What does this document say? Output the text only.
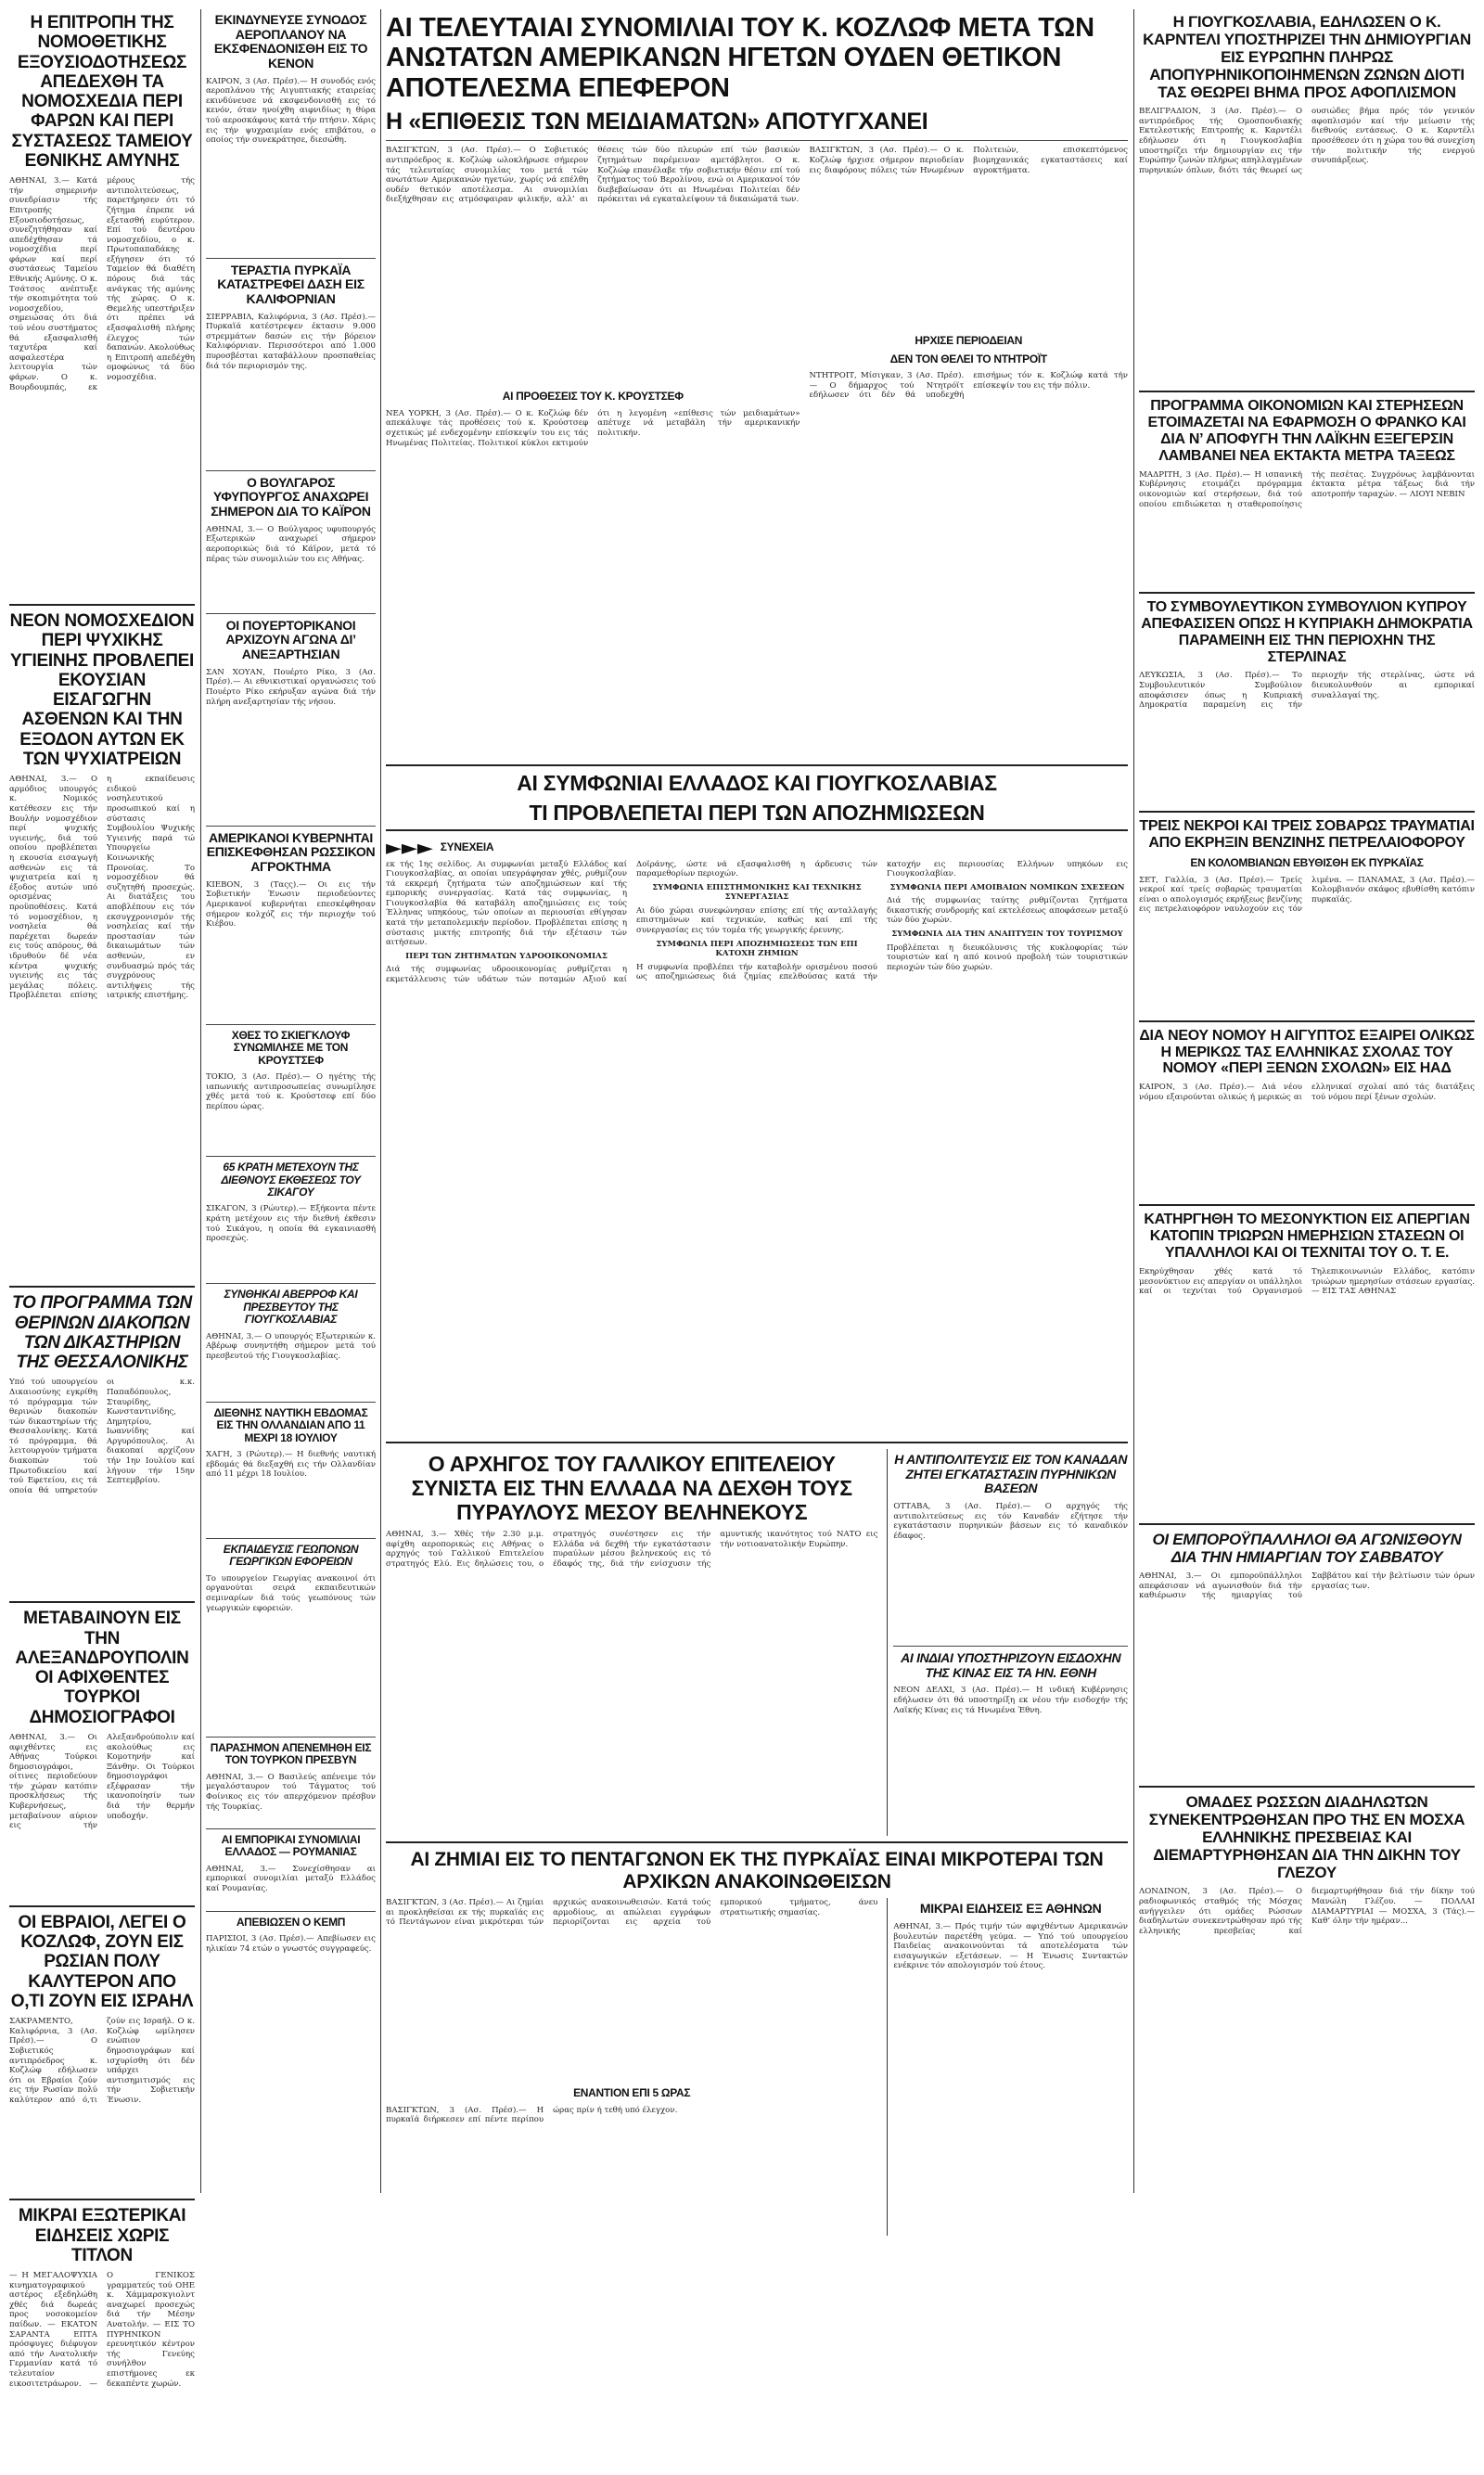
Η ΕΠΙΤΡΟΠΗ ΤΗΣ ΝΟΜΟΘΕΤΙΚΗΣ ΕΞΟΥΣΙΟΔΟΤΗΣΕΩΣ ΑΠΕΔΕΧΘΗ ΤΑ ΝΟΜΟΣΧΕΔΙΑ ΠΕΡΙ ΦΑΡΩΝ ΚΑΙ ΠΕΡΙ ΣΥΣΤΑΣΕΩΣ ΤΑΜΕΙΟΥ ΕΘΝΙΚΗΣ ΑΜΥΝΗΣ
ΑΘΗΝΑΙ, 3.— Κατά τήν σημερινήν συνεδρίασιν τής Επιτροπής Εξουσιοδοτήσεως, συνεζητήθησαν καί απεδέχθησαν τά νομοσχέδια περί φάρων καί περί συστάσεως Ταμείου Εθνικής Αμύνης. Ο κ. Τσάτσος ανέπτυξε τήν σκοπιμότητα τού νομοσχεδίου, σημειώσας ότι διά τού νέου συστήματος θά εξασφαλισθή ταχυτέρα καί ασφαλεστέρα λειτουργία τών φάρων. Ο κ. Βουρδουμπάς, εκ μέρους τής αντιπολιτεύσεως, παρετήρησεν ότι τό ζήτημα έπρεπε νά εξετασθή ευρύτερον. Επί τού δευτέρου νομοσχεδίου, ο κ. Πρωτοπαπαδάκης εξήγησεν ότι τό Ταμείον θά διαθέτη πόρους διά τάς ανάγκας τής αμύνης τής χώρας. Ο κ. Θεμελής υπεστήριξεν ότι πρέπει νά εξασφαλισθή πλήρης έλεγχος τών δαπανών. Ακολούθως η Επιτροπή απεδέχθη ομοφώνως τά δύο νομοσχέδια.
ΝΕΟΝ ΝΟΜΟΣΧΕΔΙΟΝ ΠΕΡΙ ΨΥΧΙΚΗΣ ΥΓΙΕΙΝΗΣ ΠΡΟΒΛΕΠΕΙ ΕΚΟΥΣΙΑΝ ΕΙΣΑΓΩΓΗΝ ΑΣΘΕΝΩΝ ΚΑΙ ΤΗΝ ΕΞΟΔΟΝ ΑΥΤΩΝ ΕΚ ΤΩΝ ΨΥΧΙΑΤΡΕΙΩΝ
ΑΘΗΝΑΙ, 3.— Ο αρμόδιος υπουργός κ. Νομικός κατέθεσεν εις τήν Βουλήν νομοσχέδιον περί ψυχικής υγιεινής, διά τού οποίου προβλέπεται η εκουσία εισαγωγή ασθενών εις τά ψυχιατρεία καί η έξοδος αυτών υπό ορισμένας προϋποθέσεις. Κατά τό νομοσχέδιον, η νοσηλεία θά παρέχεται δωρεάν εις τούς απόρους, θά ιδρυθούν δέ νέα κέντρα ψυχικής υγιεινής εις τάς μεγάλας πόλεις. Προβλέπεται επίσης η εκπαίδευσις ειδικού νοσηλευτικού προσωπικού καί η σύστασις Συμβουλίου Ψυχικής Υγιεινής παρά τώ Υπουργείω Κοινωνικής Προνοίας. Το νομοσχέδιον θά συζητηθή προσεχώς. Αι διατάξεις του αποβλέπουν εις τόν εκσυγχρονισμόν τής νοσηλείας καί τήν προστασίαν τών δικαιωμάτων τών ασθενών, εν συνδυασμώ πρός τάς συγχρόνους αντιλήψεις τής ιατρικής επιστήμης.
ΤΟ ΠΡΟΓΡΑΜΜΑ ΤΩΝ ΘΕΡΙΝΩΝ ΔΙΑΚΟΠΩΝ ΤΩΝ ΔΙΚΑΣΤΗΡΙΩΝ ΤΗΣ ΘΕΣΣΑΛΟΝΙΚΗΣ
Υπό τού υπουργείου Δικαιοσύνης εγκρίθη τό πρόγραμμα τών θερινών διακοπών τών δικαστηρίων τής Θεσσαλονίκης. Κατά τό πρόγραμμα, θά λειτουργούν τμήματα διακοπών τού Πρωτοδικείου καί τού Εφετείου, εις τά οποία θά υπηρετούν οι κ.κ. Παπαδόπουλος, Σταυρίδης, Κωνσταντινίδης, Δημητρίου, Ιωαννίδης καί Αργυρόπουλος. Αι διακοπαί αρχίζουν τήν 1ην Ιουλίου καί λήγουν τήν 15ην Σεπτεμβρίου.
ΜΕΤΑΒΑΙΝΟΥΝ ΕΙΣ ΤΗΝ ΑΛΕΞΑΝΔΡΟΥΠΟΛΙΝ ΟΙ ΑΦΙΧΘΕΝΤΕΣ ΤΟΥΡΚΟΙ ΔΗΜΟΣΙΟΓΡΑΦΟΙ
ΑΘΗΝΑΙ, 3.— Οι αφιχθέντες εις Αθήνας Τούρκοι δημοσιογράφοι, οίτινες περιοδεύουν τήν χώραν κατόπιν προσκλήσεως τής Κυβερνήσεως, μεταβαίνουν αύριον εις τήν Αλεξανδρούπολιν καί ακολούθως εις Κομοτηνήν καί Ξάνθην. Οι Τούρκοι δημοσιογράφοι εξέφρασαν τήν ικανοποίησίν των διά τήν θερμήν υποδοχήν.
ΟΙ ΕΒΡΑΙΟΙ, ΛΕΓΕΙ Ο ΚΟΖΛΩΦ, ΖΟΥΝ ΕΙΣ ΡΩΣΙΑΝ ΠΟΛΥ ΚΑΛΥΤΕΡΟΝ ΑΠΟ Ο,ΤΙ ΖΟΥΝ ΕΙΣ ΙΣΡΑΗΛ
ΣΑΚΡΑΜΕΝΤΟ, Καλιφόρνια, 3 (Ασ. Πρέσ).— Ο Σοβιετικός αντιπρόεδρος κ. Κοζλώφ εδήλωσεν ότι οι Εβραίοι ζούν εις τήν Ρωσίαν πολύ καλύτερον από ό,τι ζούν εις Ισραήλ. Ο κ. Κοζλώφ ωμίλησεν ενώπιον δημοσιογράφων καί ισχυρίσθη ότι δέν υπάρχει αντισημιτισμός εις τήν Σοβιετικήν Ένωσιν.
ΜΙΚΡΑΙ ΕΞΩΤΕΡΙΚΑΙ ΕΙΔΗΣΕΙΣ ΧΩΡΙΣ ΤΙΤΛΟΝ
— Η ΜΕΓΑΛΟΨΥΧΙΑ κινηματογραφικού αστέρος εξεδηλώθη χθές διά δωρεάς προς νοσοκομείον παίδων. — ΕΚΑΤΟΝ ΣΑΡΑΝΤΑ ΕΠΤΑ πρόσφυγες διέφυγον από τήν Ανατολικήν Γερμανίαν κατά τό τελευταίον εικοσιτετράωρον. — Ο ΓΕΝΙΚΟΣ γραμματεύς τού ΟΗΕ κ. Χάμμαρσκγιολντ αναχωρεί προσεχώς διά τήν Μέσην Ανατολήν. — ΕΙΣ ΤΟ ΠΥΡΗΝΙΚΟΝ ερευνητικόν κέντρον τής Γενεύης συνήλθον επιστήμονες εκ δεκαπέντε χωρών.
ΕΚΙΝΔΥΝΕΥΣΕ ΣΥΝΟΔΟΣ ΑΕΡΟΠΛΑΝΟΥ ΝΑ ΕΚΣΦΕΝΔΟΝΙΣΘΗ ΕΙΣ ΤΟ ΚΕΝΟΝ
ΚΑΪΡΟΝ, 3 (Ασ. Πρέσ).— Η συνοδός ενός αεροπλάνου τής Αιγυπτιακής εταιρείας εκινδύνευσε νά εκσφενδονισθή εις τό κενόν, όταν ηνοίχθη αιφνιδίως η θύρα τού αεροσκάφους κατά τήν πτήσιν. Χάρις εις τήν ψυχραιμίαν ενός επιβάτου, ο οποίος τήν συνεκράτησε, διεσώθη.
ΤΕΡΑΣΤΙΑ ΠΥΡΚΑΪΑ ΚΑΤΑΣΤΡΕΦΕΙ ΔΑΣΗ ΕΙΣ ΚΑΛΙΦΟΡΝΙΑΝ
ΣΙΕΡΡΑΒΙΛ, Καλιφόρνια, 3 (Ασ. Πρέσ).— Πυρκαϊά κατέστρεψεν έκτασιν 9.000 στρεμμάτων δασών εις τήν βόρειον Καλιφόρνιαν. Περισσότεροι από 1.000 πυροσβέσται καταβάλλουν προσπαθείας διά τόν περιορισμόν της.
Ο ΒΟΥΛΓΑΡΟΣ ΥΦΥΠΟΥΡΓΟΣ ΑΝΑΧΩΡΕΙ ΣΗΜΕΡΟΝ ΔΙΑ ΤΟ ΚΑΪΡΟΝ
ΑΘΗΝΑΙ, 3.— Ο Βούλγαρος υφυπουργός Εξωτερικών αναχωρεί σήμερον αεροπορικώς διά τό Κάϊρον, μετά τό πέρας τών συνομιλιών του εις Αθήνας.
ΟΙ ΠΟΥΕΡΤΟΡΙΚΑΝΟΙ ΑΡΧΙΖΟΥΝ ΑΓΩΝΑ ΔΙ’ ΑΝΕΞΑΡΤΗΣΙΑΝ
ΣΑΝ ΧΟΥΑΝ, Πουέρτο Ρίκο, 3 (Ασ. Πρέσ).— Αι εθνικιστικαί οργανώσεις τού Πουέρτο Ρίκο εκήρυξαν αγώνα διά τήν πλήρη ανεξαρτησίαν τής νήσου.
ΑΜΕΡΙΚΑΝΟΙ ΚΥΒΕΡΝΗΤΑΙ ΕΠΙΣΚΕΦΘΗΣΑΝ ΡΩΣΣΙΚΟΝ ΑΓΡΟΚΤΗΜΑ
ΚΙΕΒΟΝ, 3 (Ταςς).— Οι εις τήν Σοβιετικήν Ένωσιν περιοδεύοντες Αμερικανοί κυβερνήται επεσκέφθησαν σήμερον κολχόζ εις τήν περιοχήν τού Κιέβου.
ΧΘΕΣ ΤΟ ΣΚΙΕΓΚΛΟΥΦ ΣΥΝΩΜΙΛΗΣΕ ΜΕ ΤΟΝ ΚΡΟΥΣΤΣΕΦ
ΤΟΚΙΟ, 3 (Ασ. Πρέσ).— Ο ηγέτης τής ιαπωνικής αντιπροσωπείας συνωμίλησε χθές μετά τού κ. Κρούστσεφ επί δύο περίπου ώρας.
65 ΚΡΑΤΗ ΜΕΤΕΧΟΥΝ ΤΗΣ ΔΙΕΘΝΟΥΣ ΕΚΘΕΣΕΩΣ ΤΟΥ ΣΙΚΑΓΟΥ
ΣΙΚΑΓΟΝ, 3 (Ρώυτερ).— Εξήκοντα πέντε κράτη μετέχουν εις τήν διεθνή έκθεσιν τού Σικάγου, η οποία θά εγκαινιασθή προσεχώς.
ΣΥΝΘΗΚΑΙ ΑΒΕΡΡΟΦ ΚΑΙ ΠΡΕΣΒΕΥΤΟΥ ΤΗΣ ΓΙΟΥΓΚΟΣΛΑΒΙΑΣ
ΑΘΗΝΑΙ, 3.— Ο υπουργός Εξωτερικών κ. Αβέρωφ συνηντήθη σήμερον μετά τού πρεσβευτού τής Γιουγκοσλαβίας.
ΔΙΕΘΝΗΣ ΝΑΥΤΙΚΗ ΕΒΔΟΜΑΣ ΕΙΣ ΤΗΝ ΟΛΛΑΝΔΙΑΝ ΑΠΟ 11 ΜΕΧΡΙ 18 ΙΟΥΛΙΟΥ
ΧΑΓΗ, 3 (Ρώυτερ).— Η διεθνής ναυτική εβδομάς θά διεξαχθή εις τήν Ολλανδίαν από 11 μέχρι 18 Ιουλίου.
ΕΚΠΑΙΔΕΥΣΙΣ ΓΕΩΠΟΝΩΝ ΓΕΩΡΓΙΚΩΝ ΕΦΟΡΕΙΩΝ
Το υπουργείον Γεωργίας ανακοινοί ότι οργανούται σειρά εκπαιδευτικών σεμιναρίων διά τούς γεωπόνους τών γεωργικών εφορειών.
ΠΑΡΑΣΗΜΟΝ ΑΠΕΝΕΜΗΘΗ ΕΙΣ ΤΟΝ ΤΟΥΡΚΟΝ ΠΡΕΣΒΥΝ
ΑΘΗΝΑΙ, 3.— Ο Βασιλεύς απένειμε τόν μεγαλόσταυρον τού Τάγματος τού Φοίνικος εις τόν απερχόμενον πρέσβυν τής Τουρκίας.
ΑΙ ΕΜΠΟΡΙΚΑΙ ΣΥΝΟΜΙΛΙΑΙ ΕΛΛΑΔΟΣ — ΡΟΥΜΑΝΙΑΣ
ΑΘΗΝΑΙ, 3.— Συνεχίσθησαν αι εμπορικαί συνομιλίαι μεταξύ Ελλάδος καί Ρουμανίας.
ΑΠΕΒΙΩΣΕΝ Ο ΚΕΜΠ
ΠΑΡΙΣΙΟΙ, 3 (Ασ. Πρέσ).— Απεβίωσεν εις ηλικίαν 74 ετών ο γνωστός συγγραφεύς.
ΑΙ ΤΕΛΕΥΤΑΙΑΙ ΣΥΝΟΜΙΛΙΑΙ ΤΟΥ Κ. ΚΟΖΛΩΦ ΜΕΤΑ ΤΩΝ ΑΝΩΤΑΤΩΝ ΑΜΕΡΙΚΑΝΩΝ ΗΓΕΤΩΝ ΟΥΔΕΝ ΘΕΤΙΚΟΝ ΑΠΟΤΕΛΕΣΜΑ ΕΠΕΦΕΡΟΝ
Η «ΕΠΙΘΕΣΙΣ ΤΩΝ ΜΕΙΔΙΑΜΑΤΩΝ» ΑΠΟΤΥΓΧΑΝΕΙ
ΒΑΣΙΓΚΤΩΝ, 3 (Ασ. Πρέσ).— Ο Σοβιετικός αντιπρόεδρος κ. Κοζλώφ ωλοκλήρωσε σήμερον τάς τελευταίας συνομιλίας του μετά τών ανωτάτων Αμερικανών ηγετών, χωρίς νά επέλθη ουδέν θετικόν αποτέλεσμα. Αι συνομιλίαι διεξήχθησαν εις ατμόσφαιραν φιλικήν, αλλ’ αι θέσεις τών δύο πλευρών επί τών βασικών ζητημάτων παρέμειναν αμετάβλητοι. Ο κ. Κοζλώφ επανέλαβε τήν σοβιετικήν θέσιν επί τού ζητήματος τού Βερολίνου, ενώ οι Αμερικανοί τόν διεβεβαίωσαν ότι αι Ηνωμέναι Πολιτείαι δέν πρόκειται νά εγκαταλείψουν τά δικαιώματά των.
ΑΙ ΠΡΟΘΕΣΕΙΣ ΤΟΥ Κ. ΚΡΟΥΣΤΣΕΦ
ΝΕΑ ΥΟΡΚΗ, 3 (Ασ. Πρέσ).— Ο κ. Κοζλώφ δέν απεκάλυψε τάς προθέσεις τού κ. Κρούστσεφ σχετικώς μέ ενδεχομένην επίσκεψίν του εις τάς Ηνωμένας Πολιτείας. Πολιτικοί κύκλοι εκτιμούν ότι η λεγομένη «επίθεσις τών μειδιαμάτων» απέτυχε νά μεταβάλη τήν αμερικανικήν πολιτικήν.
ΒΑΣΙΓΚΤΩΝ, 3 (Ασ. Πρέσ).— Ο κ. Κοζλώφ ήρχισε σήμερον περιοδείαν εις διαφόρους πόλεις τών Ηνωμένων Πολιτειών, επισκεπτόμενος βιομηχανικάς εγκαταστάσεις καί αγροκτήματα.
ΗΡΧΙΣΕ ΠΕΡΙΟΔΕΙΑΝ
ΔΕΝ ΤΟΝ ΘΕΛΕΙ ΤΟ ΝΤΗΤΡΟΪΤ
ΝΤΗΤΡΟΪΤ, Μίσιγκαν, 3 (Ασ. Πρέσ).— Ο δήμαρχος τού Ντητρόϊτ εδήλωσεν ότι δέν θά υποδεχθή επισήμως τόν κ. Κοζλώφ κατά τήν επίσκεψίν του εις τήν πόλιν.
ΑΙ ΣΥΜΦΩΝΙΑΙ ΕΛΛΑΔΟΣ ΚΑΙ ΓΙΟΥΓΚΟΣΛΑΒΙΑΣ
ΤΙ ΠΡΟΒΛΕΠΕΤΑΙ ΠΕΡΙ ΤΩΝ ΑΠΟΖΗΜΙΩΣΕΩΝ
►►► ΣΥΝΕΧΕΙΑ
εκ τής 1ης σελίδος. Αι συμφωνίαι μεταξύ Ελλάδος καί Γιουγκοσλαβίας, αι οποίαι υπεγράφησαν χθές, ρυθμίζουν τά εκκρεμή ζητήματα τών αποζημιώσεων καί τής εμπορικής συνεργασίας. Κατά τάς συμφωνίας, η Γιουγκοσλαβία θά καταβάλη αποζημιώσεις εις τούς Έλληνας υπηκόους, τών οποίων αι περιουσίαι εθίγησαν κατά τήν μεταπολεμικήν περίοδον. Προβλέπεται επίσης η σύστασις μικτής επιτροπής διά τήν εξέτασιν τών αιτήσεων.
ΠΕΡΙ ΤΩΝ ΖΗΤΗΜΑΤΩΝ ΥΔΡΟΟΙΚΟΝΟΜΙΑΣ
Διά τής συμφωνίας υδροοικονομίας ρυθμίζεται η εκμετάλλευσις τών υδάτων τών ποταμών Αξιού καί Δοϊράνης, ώστε νά εξασφαλισθή η άρδευσις τών παραμεθορίων περιοχών.
ΣΥΜΦΩΝΙΑ ΕΠΙΣΤΗΜΟΝΙΚΗΣ ΚΑΙ ΤΕΧΝΙΚΗΣ ΣΥΝΕΡΓΑΣΙΑΣ
Αι δύο χώραι συνεφώνησαν επίσης επί τής ανταλλαγής επιστημόνων καί τεχνικών, καθώς καί επί τής συνεργασίας εις τόν τομέα τής γεωργικής έρευνης.
ΣΥΜΦΩΝΙΑ ΠΕΡΙ ΑΠΟΖΗΜΙΩΣΕΩΣ ΤΩΝ ΕΠΙ ΚΑΤΟΧΗ ΖΗΜΙΩΝ
Η συμφωνία προβλέπει τήν καταβολήν ορισμένου ποσού ως αποζημιώσεως διά ζημίας επελθούσας κατά τήν κατοχήν εις περιουσίας Ελλήνων υπηκόων εις Γιουγκοσλαβίαν.
ΣΥΜΦΩΝΙΑ ΠΕΡΙ ΑΜΟΙΒΑΙΩΝ ΝΟΜΙΚΩΝ ΣΧΕΣΕΩΝ
Διά τής συμφωνίας ταύτης ρυθμίζονται ζητήματα δικαστικής συνδρομής καί εκτελέσεως αποφάσεων μεταξύ τών δύο χωρών.
ΣΥΜΦΩΝΙΑ ΔΙΑ ΤΗΝ ΑΝΑΠΤΥΞΙΝ ΤΟΥ ΤΟΥΡΙΣΜΟΥ
Προβλέπεται η διευκόλυνσις τής κυκλοφορίας τών τουριστών καί η από κοινού προβολή τών τουριστικών περιοχών τών δύο χωρών.
Ο ΑΡΧΗΓΟΣ ΤΟΥ ΓΑΛΛΙΚΟΥ ΕΠΙΤΕΛΕΙΟΥ ΣΥΝΙΣΤΑ ΕΙΣ ΤΗΝ ΕΛΛΑΔΑ ΝΑ ΔΕΧΘΗ ΤΟΥΣ ΠΥΡΑΥΛΟΥΣ ΜΕΣΟΥ ΒΕΛΗΝΕΚΟΥΣ
ΑΘΗΝΑΙ, 3.— Χθές τήν 2.30 μ.μ. αφίχθη αεροπορικώς εις Αθήνας ο αρχηγός τού Γαλλικού Επιτελείου στρατηγός Ελύ. Εις δηλώσεις του, ο στρατηγός συνέστησεν εις τήν Ελλάδα νά δεχθή τήν εγκατάστασιν πυραύλων μέσου βεληνεκούς εις τό έδαφός της, διά τήν ενίσχυσιν τής αμυντικής ικανότητος τού ΝΑΤΟ εις τήν νοτιοανατολικήν Ευρώπην.
Η ΑΝΤΙΠΟΛΙΤΕΥΣΙΣ ΕΙΣ ΤΟΝ ΚΑΝΑΔΑΝ ΖΗΤΕΙ ΕΓΚΑΤΑΣΤΑΣΙΝ ΠΥΡΗΝΙΚΩΝ ΒΑΣΕΩΝ
ΟΤΤΑΒΑ, 3 (Ασ. Πρέσ).— Ο αρχηγός τής αντιπολιτεύσεως εις τόν Καναδάν εζήτησε τήν εγκατάστασιν πυρηνικών βάσεων εις τό καναδικόν έδαφος.
ΑΙ ΙΝΔΙΑΙ ΥΠΟΣΤΗΡΙΖΟΥΝ ΕΙΣΔΟΧΗΝ ΤΗΣ ΚΙΝΑΣ ΕΙΣ ΤΑ ΗΝ. ΕΘΝΗ
ΝΕΟΝ ΔΕΛΧΙ, 3 (Ασ. Πρέσ).— Η ινδική Κυβέρνησις εδήλωσεν ότι θά υποστηρίξη εκ νέου τήν εισδοχήν τής Λαϊκής Κίνας εις τά Ηνωμένα Έθνη.
ΑΙ ΖΗΜΙΑΙ ΕΙΣ ΤΟ ΠΕΝΤΑΓΩΝΟΝ ΕΚ ΤΗΣ ΠΥΡΚΑΪΑΣ ΕΙΝΑΙ ΜΙΚΡΟΤΕΡΑΙ ΤΩΝ ΑΡΧΙΚΩΝ ΑΝΑΚΟΙΝΩΘΕΙΣΩΝ
ΒΑΣΙΓΚΤΩΝ, 3 (Ασ. Πρέσ).— Αι ζημίαι αι προκληθείσαι εκ τής πυρκαϊάς εις τό Πεντάγωνον είναι μικρότεραι τών αρχικώς ανακοινωθεισών. Κατά τούς αρμοδίους, αι απώλειαι εγγράφων περιορίζονται εις αρχεία τού εμπορικού τμήματος, άνευ στρατιωτικής σημασίας.
ΕΝΑΝΤΙΟΝ ΕΠΙ 5 ΩΡΑΣ
ΒΑΣΙΓΚΤΩΝ, 3 (Ασ. Πρέσ).— Η πυρκαϊά διήρκεσεν επί πέντε περίπου ώρας πρίν ή τεθή υπό έλεγχον.
ΜΙΚΡΑΙ ΕΙΔΗΣΕΙΣ ΕΞ ΑΘΗΝΩΝ
ΑΘΗΝΑΙ, 3.— Πρός τιμήν τών αφιχθέντων Αμερικανών βουλευτών παρετέθη γεύμα. — Υπό τού υπουργείου Παιδείας ανακοινούνται τά αποτελέσματα τών εισαγωγικών εξετάσεων. — Η Ένωσις Συντακτών ενέκρινε τόν απολογισμόν τού έτους.
Η ΓΙΟΥΓΚΟΣΛΑΒΙΑ, ΕΔΗΛΩΣΕΝ Ο Κ. ΚΑΡΝΤΕΛΙ ΥΠΟΣΤΗΡΙΖΕΙ ΤΗΝ ΔΗΜΙΟΥΡΓΙΑΝ ΕΙΣ ΕΥΡΩΠΗΝ ΠΛΗΡΩΣ ΑΠΟΠΥΡΗΝΙΚΟΠΟΙΗΜΕΝΩΝ ΖΩΝΩΝ ΔΙΟΤΙ ΤΑΣ ΘΕΩΡΕΙ ΒΗΜΑ ΠΡΟΣ ΑΦΟΠΛΙΣΜΟΝ
ΒΕΛΙΓΡΑΔΙΟΝ, 3 (Ασ. Πρέσ).— Ο αντιπρόεδρος τής Ομοσπονδιακής Εκτελεστικής Επιτροπής κ. Καρντέλι εδήλωσεν ότι η Γιουγκοσλαβία υποστηρίζει τήν δημιουργίαν εις τήν Ευρώπην ζωνών πλήρως απηλλαγμένων πυρηνικών όπλων, διότι τάς θεωρεί ως ουσιώδες βήμα πρός τόν γενικόν αφοπλισμόν καί τήν μείωσιν τής διεθνούς εντάσεως. Ο κ. Καρντέλι προσέθεσεν ότι η χώρα του θά συνεχίση τήν πολιτικήν τής ενεργού συνυπάρξεως.
ΠΡΟΓΡΑΜΜΑ ΟΙΚΟΝΟΜΙΩΝ ΚΑΙ ΣΤΕΡΗΣΕΩΝ ΕΤΟΙΜΑΖΕΤΑΙ ΝΑ ΕΦΑΡΜΟΣΗ Ο ΦΡΑΝΚΟ ΚΑΙ ΔΙΑ Ν’ ΑΠΟΦΥΓΗ ΤΗΝ ΛΑΪΚΗΝ ΕΞΕΓΕΡΣΙΝ ΛΑΜΒΑΝΕΙ ΝΕΑ ΕΚΤΑΚΤΑ ΜΕΤΡΑ ΤΑΞΕΩΣ
ΜΑΔΡΙΤΗ, 3 (Ασ. Πρέσ).— Η ισπανική Κυβέρνησις ετοιμάζει πρόγραμμα οικονομιών καί στερήσεων, διά τού οποίου επιδιώκεται η σταθεροποίησις τής πεσέτας. Συγχρόνως λαμβάνονται έκτακτα μέτρα τάξεως διά τήν αποτροπήν ταραχών. — ΛΙΟΥΙ ΝΕΒΙΝ
ΤΟ ΣΥΜΒΟΥΛΕΥΤΙΚΟΝ ΣΥΜΒΟΥΛΙΟΝ ΚΥΠΡΟΥ ΑΠΕΦΑΣΙΣΕΝ ΟΠΩΣ Η ΚΥΠΡΙΑΚΗ ΔΗΜΟΚΡΑΤΙΑ ΠΑΡΑΜΕΙΝΗ ΕΙΣ ΤΗΝ ΠΕΡΙΟΧΗΝ ΤΗΣ ΣΤΕΡΛΙΝΑΣ
ΛΕΥΚΩΣΙΑ, 3 (Ασ. Πρέσ).— Το Συμβουλευτικόν Συμβούλιον αποφάσισεν όπως η Κυπριακή Δημοκρατία παραμείνη εις τήν περιοχήν τής στερλίνας, ώστε νά διευκολυνθούν αι εμπορικαί συναλλαγαί της.
ΤΡΕΙΣ ΝΕΚΡΟΙ ΚΑΙ ΤΡΕΙΣ ΣΟΒΑΡΩΣ ΤΡΑΥΜΑΤΙΑΙ ΑΠΟ ΕΚΡΗΞΙΝ ΒΕΝΖΙΝΗΣ ΠΕΤΡΕΛΑΙΟΦΟΡΟΥ
ΕΝ ΚΟΛΟΜΒΙΑΝΩΝ ΕΒΥΘΙΣΘΗ ΕΚ ΠΥΡΚΑΪΑΣ
ΣΕΤ, Γαλλία, 3 (Ασ. Πρέσ).— Τρείς νεκροί καί τρείς σοβαρώς τραυματίαι είναι ο απολογισμός εκρήξεως βενζίνης εις πετρελαιοφόρον ναυλοχούν εις τόν λιμένα. — ΠΑΝΑΜΑΣ, 3 (Ασ. Πρέσ).— Κολομβιανόν σκάφος εβυθίσθη κατόπιν πυρκαϊάς.
ΔΙΑ ΝΕΟΥ ΝΟΜΟΥ Η ΑΙΓΥΠΤΟΣ ΕΞΑΙΡΕΙ ΟΛΙΚΩΣ Η ΜΕΡΙΚΩΣ ΤΑΣ ΕΛΛΗΝΙΚΑΣ ΣΧΟΛΑΣ ΤΟΥ ΝΟΜΟΥ «ΠΕΡΙ ΞΕΝΩΝ ΣΧΟΛΩΝ» ΕΙΣ ΗΑΔ
ΚΑΪΡΟΝ, 3 (Ασ. Πρέσ).— Διά νέου νόμου εξαιρούνται ολικώς ή μερικώς αι ελληνικαί σχολαί από τάς διατάξεις τού νόμου περί ξένων σχολών.
ΚΑΤΗΡΓΗΘΗ ΤΟ ΜΕΣΟΝΥΚΤΙΟΝ ΕΙΣ ΑΠΕΡΓΙΑΝ ΚΑΤΟΠΙΝ ΤΡΙΩΡΩΝ ΗΜΕΡΗΣΙΩΝ ΣΤΑΣΕΩΝ ΟΙ ΥΠΑΛΛΗΛΟΙ ΚΑΙ ΟΙ ΤΕΧΝΙΤΑΙ ΤΟΥ Ο. Τ. Ε.
Εκηρύχθησαν χθές κατά τό μεσονύκτιον εις απεργίαν οι υπάλληλοι καί οι τεχνίται τού Οργανισμού Τηλεπικοινωνιών Ελλάδος, κατόπιν τριώρων ημερησίων στάσεων εργασίας. — ΕΙΣ ΤΑΣ ΑΘΗΝΑΣ
ΟΙ ΕΜΠΟΡΟΫΠΑΛΛΗΛΟΙ ΘΑ ΑΓΩΝΙΣΘΟΥΝ ΔΙΑ ΤΗΝ ΗΜΙΑΡΓΙΑΝ ΤΟΥ ΣΑΒΒΑΤΟΥ
ΑΘΗΝΑΙ, 3.— Οι εμποροϋπάλληλοι απεφάσισαν νά αγωνισθούν διά τήν καθιέρωσιν τής ημιαργίας τού Σαββάτου καί τήν βελτίωσιν τών όρων εργασίας των.
ΟΜΑΔΕΣ ΡΩΣΣΩΝ ΔΙΑΔΗΛΩΤΩΝ ΣΥΝΕΚΕΝΤΡΩΘΗΣΑΝ ΠΡΟ ΤΗΣ ΕΝ ΜΟΣΧΑ ΕΛΛΗΝΙΚΗΣ ΠΡΕΣΒΕΙΑΣ ΚΑΙ ΔΙΕΜΑΡΤΥΡΗΘΗΣΑΝ ΔΙΑ ΤΗΝ ΔΙΚΗΝ ΤΟΥ ΓΛΕΖΟΥ
ΛΟΝΔΙΝΟΝ, 3 (Ασ. Πρέσ).— Ο ραδιοφωνικός σταθμός τής Μόσχας ανήγγειλεν ότι ομάδες Ρώσσων διαδηλωτών συνεκεντρώθησαν πρό τής ελληνικής πρεσβείας καί διεμαρτυρήθησαν διά τήν δίκην τού Μανώλη Γλέζου. — ΠΟΛΛΑΙ ΔΙΑΜΑΡΤΥΡΙΑΙ — ΜΟΣΧΑ, 3 (Τάς).— Καθ’ όλην τήν ημέραν...
